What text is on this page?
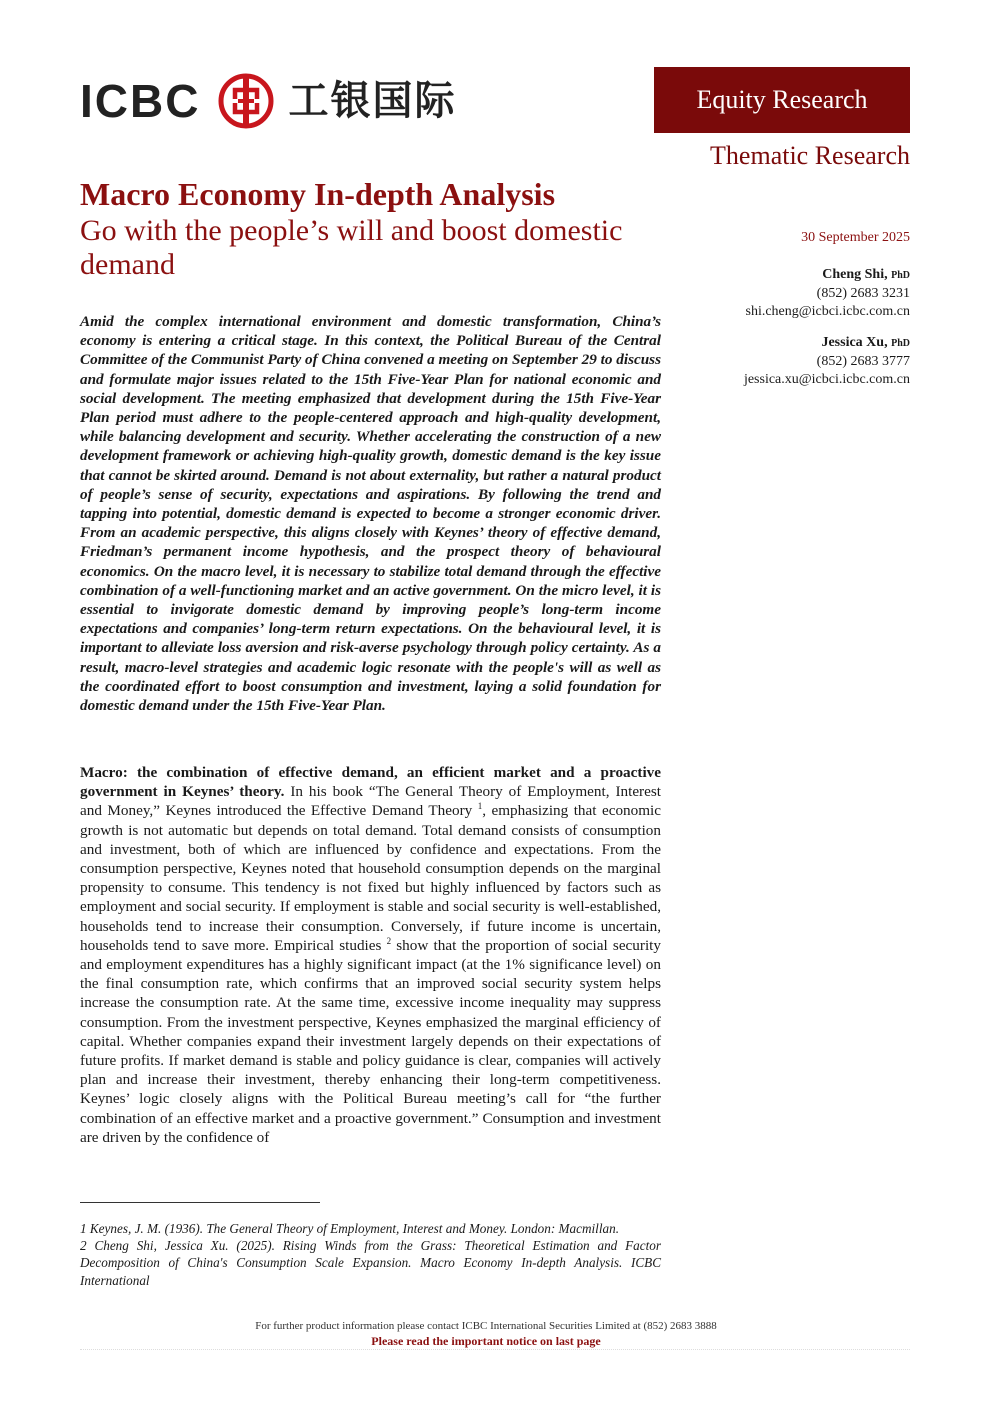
ICBC 工银国际	Equity Research
Thematic Research
Macro Economy In-depth Analysis
Go with the people’s will and boost domestic demand
30 September 2025
Cheng Shi, PhD
(852) 2683 3231
shi.cheng@icbci.icbc.com.cn
Jessica Xu, PhD
(852) 2683 3777
jessica.xu@icbci.icbc.com.cn

Amid the complex international environment and domestic transformation, China’s economy is entering a critical stage. In this context, the Political Bureau of the Central Committee of the Communist Party of China convened a meeting on September 29 to discuss and formulate major issues related to the 15th Five-Year Plan for national economic and social development. The meeting emphasized that development during the 15th Five-Year Plan period must adhere to the people-centered approach and high-quality development, while balancing development and security. Whether accelerating the construction of a new development framework or achieving high-quality growth, domestic demand is the key issue that cannot be skirted around. Demand is not about externality, but rather a natural product of people’s sense of security, expectations and aspirations. By following the trend and tapping into potential, domestic demand is expected to become a stronger economic driver. From an academic perspective, this aligns closely with Keynes’ theory of effective demand, Friedman’s permanent income hypothesis, and the prospect theory of behavioural economics. On the macro level, it is necessary to stabilize total demand through the effective combination of a well-functioning market and an active government. On the micro level, it is essential to invigorate domestic demand by improving people’s long-term income expectations and companies’ long-term return expectations. On the behavioural level, it is important to alleviate loss aversion and risk-averse psychology through policy certainty. As a result, macro-level strategies and academic logic resonate with the people's will as well as the coordinated effort to boost consumption and investment, laying a solid foundation for domestic demand under the 15th Five-Year Plan.

Macro: the combination of effective demand, an efficient market and a proactive government in Keynes’ theory. In his book “The General Theory of Employment, Interest and Money,” Keynes introduced the Effective Demand Theory $^1$, emphasizing that economic growth is not automatic but depends on total demand. Total demand consists of consumption and investment, both of which are influenced by confidence and expectations. From the consumption perspective, Keynes noted that household consumption depends on the marginal propensity to consume. This tendency is not fixed but highly influenced by factors such as employment and social security. If employment is stable and social security is well-established, households tend to increase their consumption. Conversely, if future income is uncertain, households tend to save more. Empirical studies $^2$ show that the proportion of social security and employment expenditures has a highly significant impact (at the 1% significance level) on the final consumption rate, which confirms that an improved social security system helps increase the consumption rate. At the same time, excessive income inequality may suppress consumption. From the investment perspective, Keynes emphasized the marginal efficiency of capital. Whether companies expand their investment largely depends on their expectations of future profits. If market demand is stable and policy guidance is clear, companies will actively plan and increase their investment, thereby enhancing their long-term competitiveness. Keynes’ logic closely aligns with the Political Bureau meeting’s call for “the further combination of an effective market and a proactive government.” Consumption and investment are driven by the confidence of

1 Keynes, J. M. (1936). The General Theory of Employment, Interest and Money. London: Macmillan.

2 Cheng Shi, Jessica Xu. (2025). Rising Winds from the Grass: Theoretical Estimation and Factor Decomposition of China's Consumption Scale Expansion. Macro Economy In-depth Analysis. ICBC International

For further product information please contact ICBC International Securities Limited at (852) 2683 3888
Please read the important notice on last page
